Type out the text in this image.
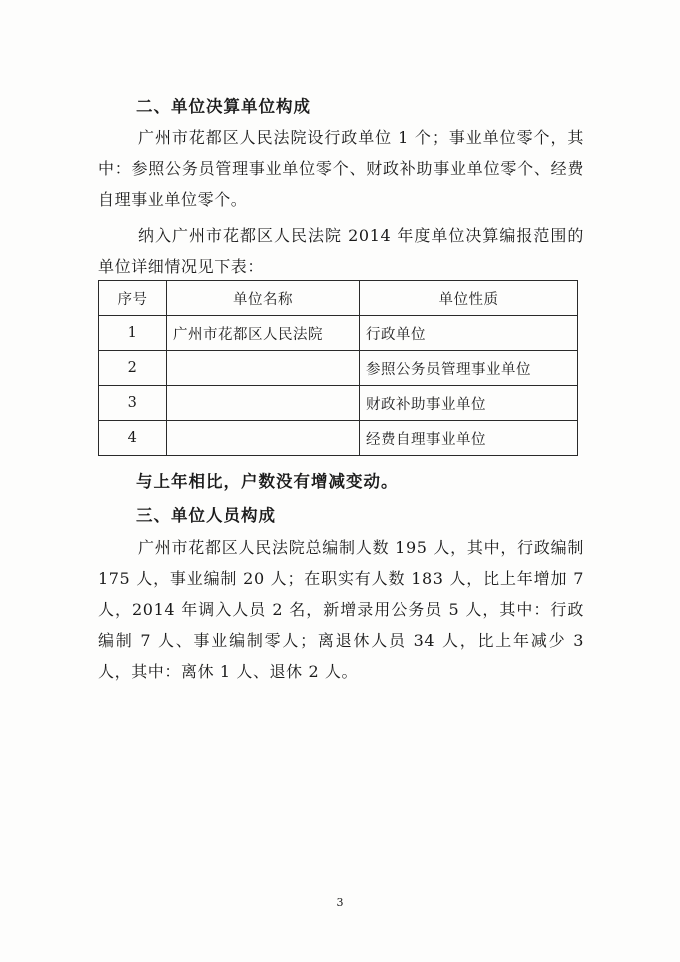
二、单位决算单位构成
广州市花都区人民法院设行政单位 1 个；事业单位零个，其中：参照公务员管理事业单位零个、财政补助事业单位零个、经费自理事业单位零个。
纳入广州市花都区人民法院 2014 年度单位决算编报范围的单位详细情况见下表：
序号	单位名称	单位性质
1	广州市花都区人民法院	行政单位
2		参照公务员管理事业单位
3		财政补助事业单位
4		经费自理事业单位
与上年相比，户数没有增减变动。
三、单位人员构成
广州市花都区人民法院总编制人数 195 人，其中，行政编制 175 人，事业编制 20 人；在职实有人数 183 人，比上年增加 7 人，2014 年调入人员 2 名，新增录用公务员 5 人，其中：行政编制 7 人、事业编制零人；离退休人员 34 人，比上年减少 3 人，其中：离休 1 人、退休 2 人。
3
